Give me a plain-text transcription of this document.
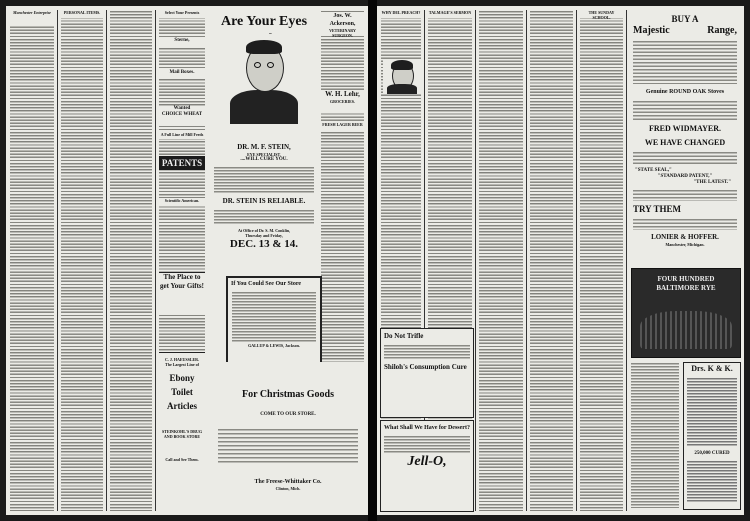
Manchester Enterprise	PERSONAL ITEMS.	Select Your Presents
Sterne,
Mail Boxes.
Wanted
CHOICE WHEAT
A Full Line of Mill Feeds
PATENTS
Scientific American.
The Place to get Your Gifts!
C. J. HAEUSSLER.
The Largest Line of
Ebony
Toilet
Articles
STEINKOHL'S DRUG AND BOOK STORE
Call and See Them.
Are Your Eyes
DR. M. F. STEIN,
EYE SPECIALIST,
....WILL CURE YOU.
DR. STEIN IS RELIABLE.
At Office of Dr. S. M. Conklin,
Thursday and Friday,
DEC. 13 & 14.
Jos. W. Ackerson,
VETERINARY SURGEON.
W. H. Lehr,
GROCERIES.
FRESH LAGER BEER
If You Could See Our Store
GALLUP & LEWIS, Jackson.
For Christmas Goods
COME TO OUR STORE.
The Freese-Whittaker Co.
Clinton, Mich.
WHY DEL PREACH? TALMAGE'S SERMON	THE SUNDAY SCHOOL.
Do Not Trifle
Shiloh's Consumption Cure
What Shall We Have for Dessert?
Jell-O,
BUY A
Majestic	Range,
Genuine ROUND OAK Stoves
FRED WIDMAYER.
WE HAVE CHANGED
"STATE SEAL,"
"STANDARD PATENT,"
"THE LATEST."
TRY THEM
LONIER & HOFFER.
Manchester, Michigan.
FOUR HUNDRED
BALTIMORE RYE
Drs. K & K.
250,000 CURED
